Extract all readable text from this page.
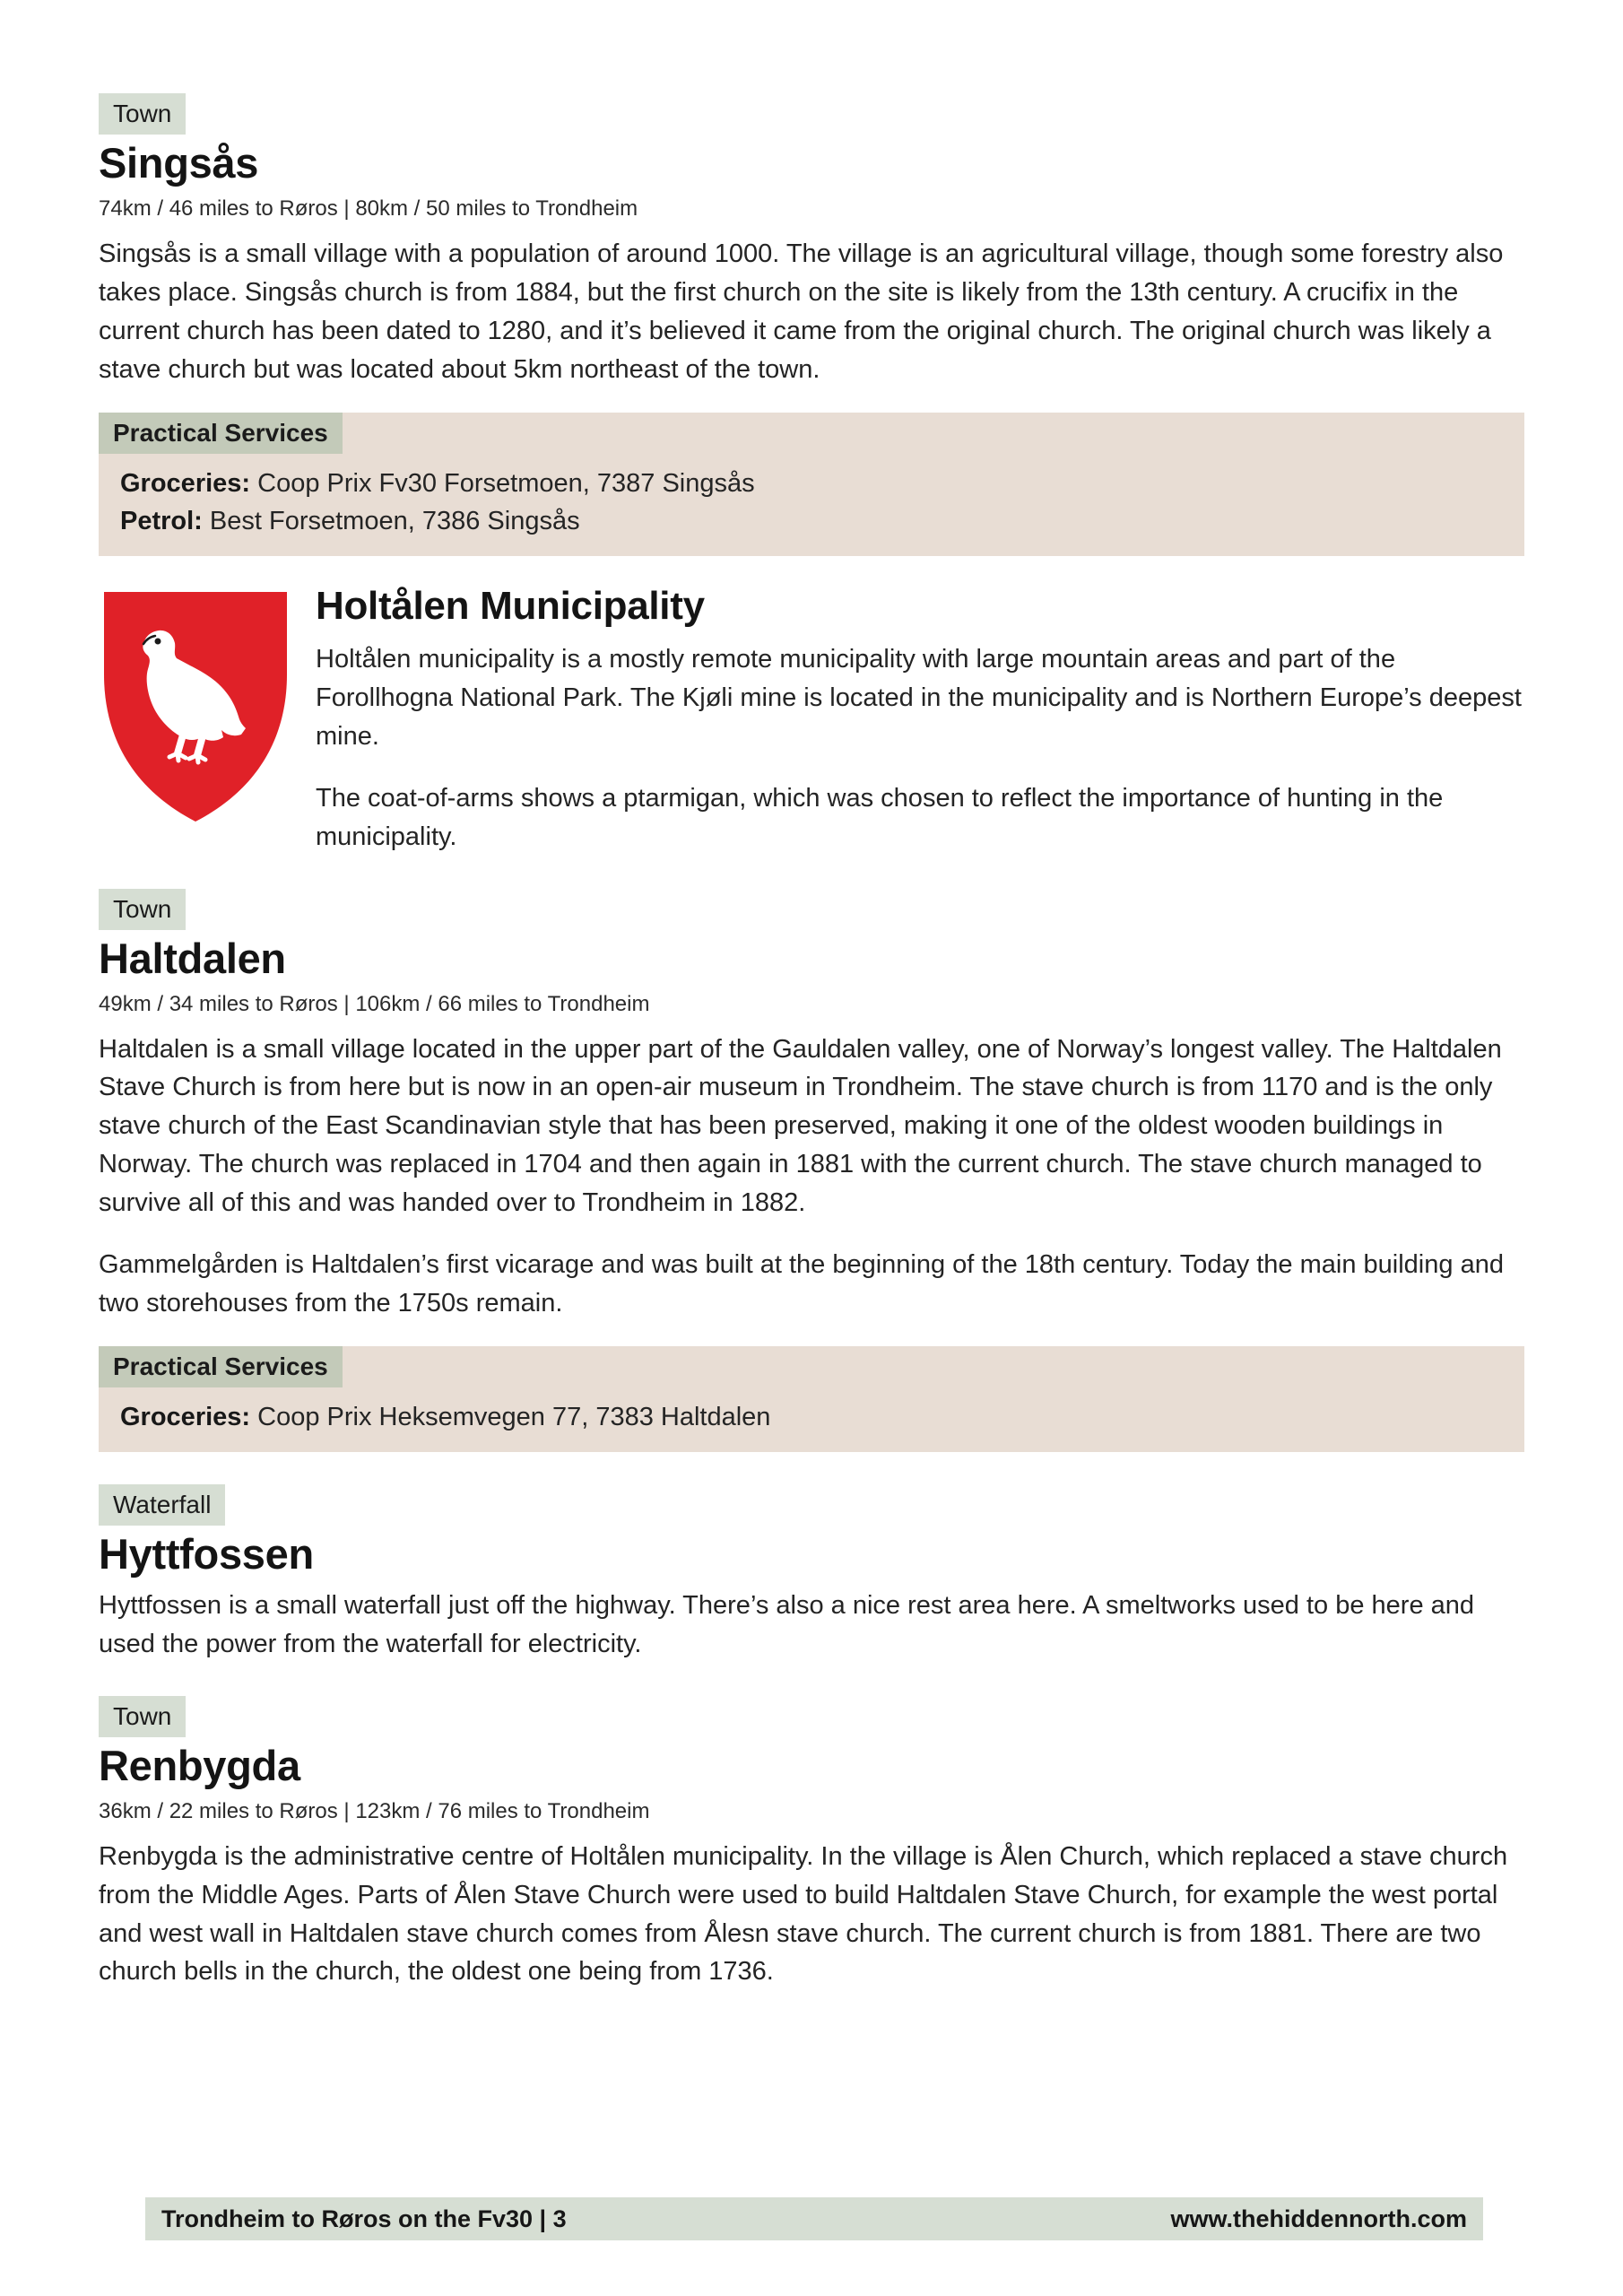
Town
Singsås

74km / 46 miles to Røros | 80km / 50 miles to Trondheim

Singsås is a small village with a population of around 1000. The village is an agricultural village, though some forestry also takes place. Singsås church is from 1884, but the first church on the site is likely from the 13th century. A crucifix in the current church has been dated to 1280, and it’s believed it came from the original church. The original church was likely a stave church but was located about 5km northeast of the town.

Practical Services

Groceries: Coop Prix Fv30 Forsetmoen, 7387 Singsås

Petrol: Best Forsetmoen, 7386 Singsås

Holtålen Municipality

Holtålen municipality is a mostly remote municipality with large mountain areas and part of the Forollhogna National Park. The Kjøli mine is located in the municipality and is Northern Europe’s deepest mine.

The coat-of-arms shows a ptarmigan, which was chosen to reflect the importance of hunting in the municipality.

Town
Haltdalen

49km / 34 miles to Røros | 106km / 66 miles to Trondheim

Haltdalen is a small village located in the upper part of the Gauldalen valley, one of Norway’s longest valley. The Haltdalen Stave Church is from here but is now in an open-air museum in Trondheim. The stave church is from 1170 and is the only stave church of the East Scandinavian style that has been preserved, making it one of the oldest wooden buildings in Norway. The church was replaced in 1704 and then again in 1881 with the current church. The stave church managed to survive all of this and was handed over to Trondheim in 1882.

Gammelgården is Haltdalen’s first vicarage and was built at the beginning of the 18th century. Today the main building and two storehouses from the 1750s remain.

Practical Services

Groceries: Coop Prix Heksemvegen 77, 7383 Haltdalen

Waterfall
Hyttfossen

Hyttfossen is a small waterfall just off the highway. There’s also a nice rest area here. A smeltworks used to be here and used the power from the waterfall for electricity.

Town
Renbygda

36km / 22 miles to Røros | 123km / 76 miles to Trondheim

Renbygda is the administrative centre of Holtålen municipality. In the village is Ålen Church, which replaced a stave church from the Middle Ages. Parts of Ålen Stave Church were used to build Haltdalen Stave Church, for example the west portal and west wall in Haltdalen stave church comes from Ålesn stave church. The current church is from 1881. There are two church bells in the church, the oldest one being from 1736.

Trondheim to Røros on the Fv30 | 3	www.thehiddennorth.com
